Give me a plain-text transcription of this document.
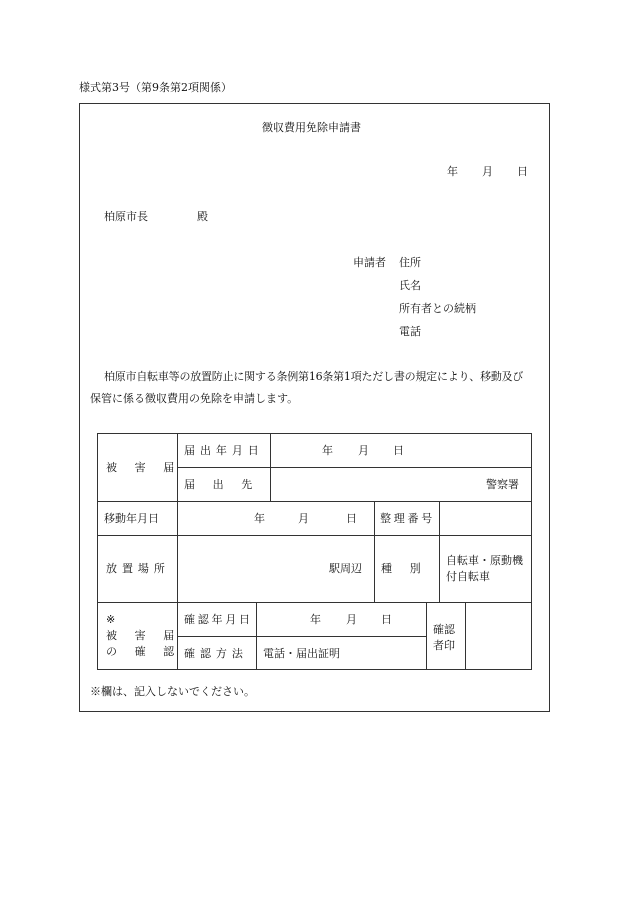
様式第3号（第9条第2項関係）
徴収費用免除申請書
年 月 日
柏原市長	殿
申請者 住所
氏名
所有者との続柄
電話
柏原市自転車等の放置防止に関する条例第16条第1項ただし書の規定により、移動及び
保管に係る徴収費用の免除を申請します。
被害届
届出年月日	年 月 日
届出先	警察署
移動年月日	年	月	日 整理番号
放置場所	駅周辺 種別
自転車・原動機
付自転車
※
被害届
の確認
確認年月日	年 月 日
確認方法 電話・届出証明
確認
者印
※欄は、記入しないでください。
